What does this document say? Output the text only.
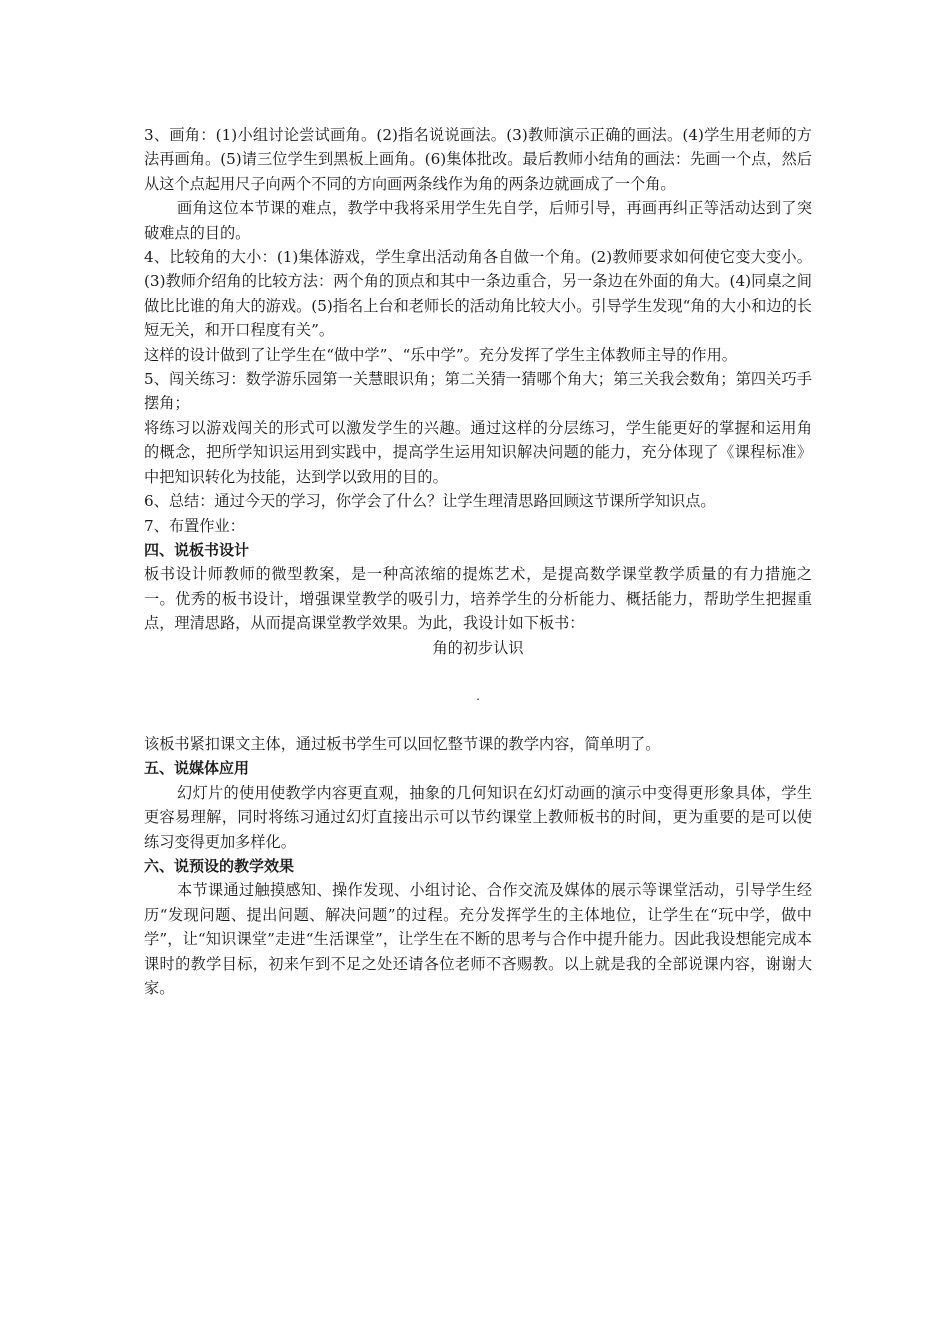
3、画角：(1)小组讨论尝试画角。(2)指名说说画法。(3)教师演示正确的画法。(4)学生用老师的方法再画角。(5)请三位学生到黑板上画角。(6)集体批改。最后教师小结角的画法：先画一个点，然后从这个点起用尺子向两个不同的方向画两条线作为角的两条边就画成了一个角。

画角这位本节课的难点，教学中我将采用学生先自学，后师引导，再画再纠正等活动达到了突破难点的目的。

4、比较角的大小：(1)集体游戏，学生拿出活动角各自做一个角。(2)教师要求如何使它变大变小。(3)教师介绍角的比较方法：两个角的顶点和其中一条边重合，另一条边在外面的角大。(4)同桌之间做比比谁的角大的游戏。(5)指名上台和老师长的活动角比较大小。引导学生发现“角的大小和边的长短无关，和开口程度有关”。

这样的设计做到了让学生在“做中学”、“乐中学”。充分发挥了学生主体教师主导的作用。

5、闯关练习：数学游乐园第一关慧眼识角；第二关猜一猜哪个角大；第三关我会数角；第四关巧手摆角；

将练习以游戏闯关的形式可以激发学生的兴趣。通过这样的分层练习，学生能更好的掌握和运用角的概念，把所学知识运用到实践中，提高学生运用知识解决问题的能力，充分体现了《课程标准》中把知识转化为技能，达到学以致用的目的。

6、总结：通过今天的学习，你学会了什么？让学生理清思路回顾这节课所学知识点。

7、布置作业：

四、说板书设计

板书设计师教师的微型教案，是一种高浓缩的提炼艺术，是提高数学课堂教学质量的有力措施之一。优秀的板书设计，增强课堂教学的吸引力，培养学生的分析能力、概括能力，帮助学生把握重点，理清思路，从而提高课堂教学效果。为此，我设计如下板书：

角的初步认识

.

该板书紧扣课文主体，通过板书学生可以回忆整节课的教学内容，简单明了。

五、说媒体应用

幻灯片的使用使教学内容更直观，抽象的几何知识在幻灯动画的演示中变得更形象具体，学生更容易理解，同时将练习通过幻灯直接出示可以节约课堂上教师板书的时间，更为重要的是可以使练习变得更加多样化。

六、说预设的教学效果

本节课通过触摸感知、操作发现、小组讨论、合作交流及媒体的展示等课堂活动，引导学生经历“发现问题、提出问题、解决问题”的过程。充分发挥学生的主体地位，让学生在“玩中学，做中学”，让“知识课堂”走进“生活课堂”，让学生在不断的思考与合作中提升能力。因此我设想能完成本课时的教学目标，初来乍到不足之处还请各位老师不吝赐教。以上就是我的全部说课内容，谢谢大家。
